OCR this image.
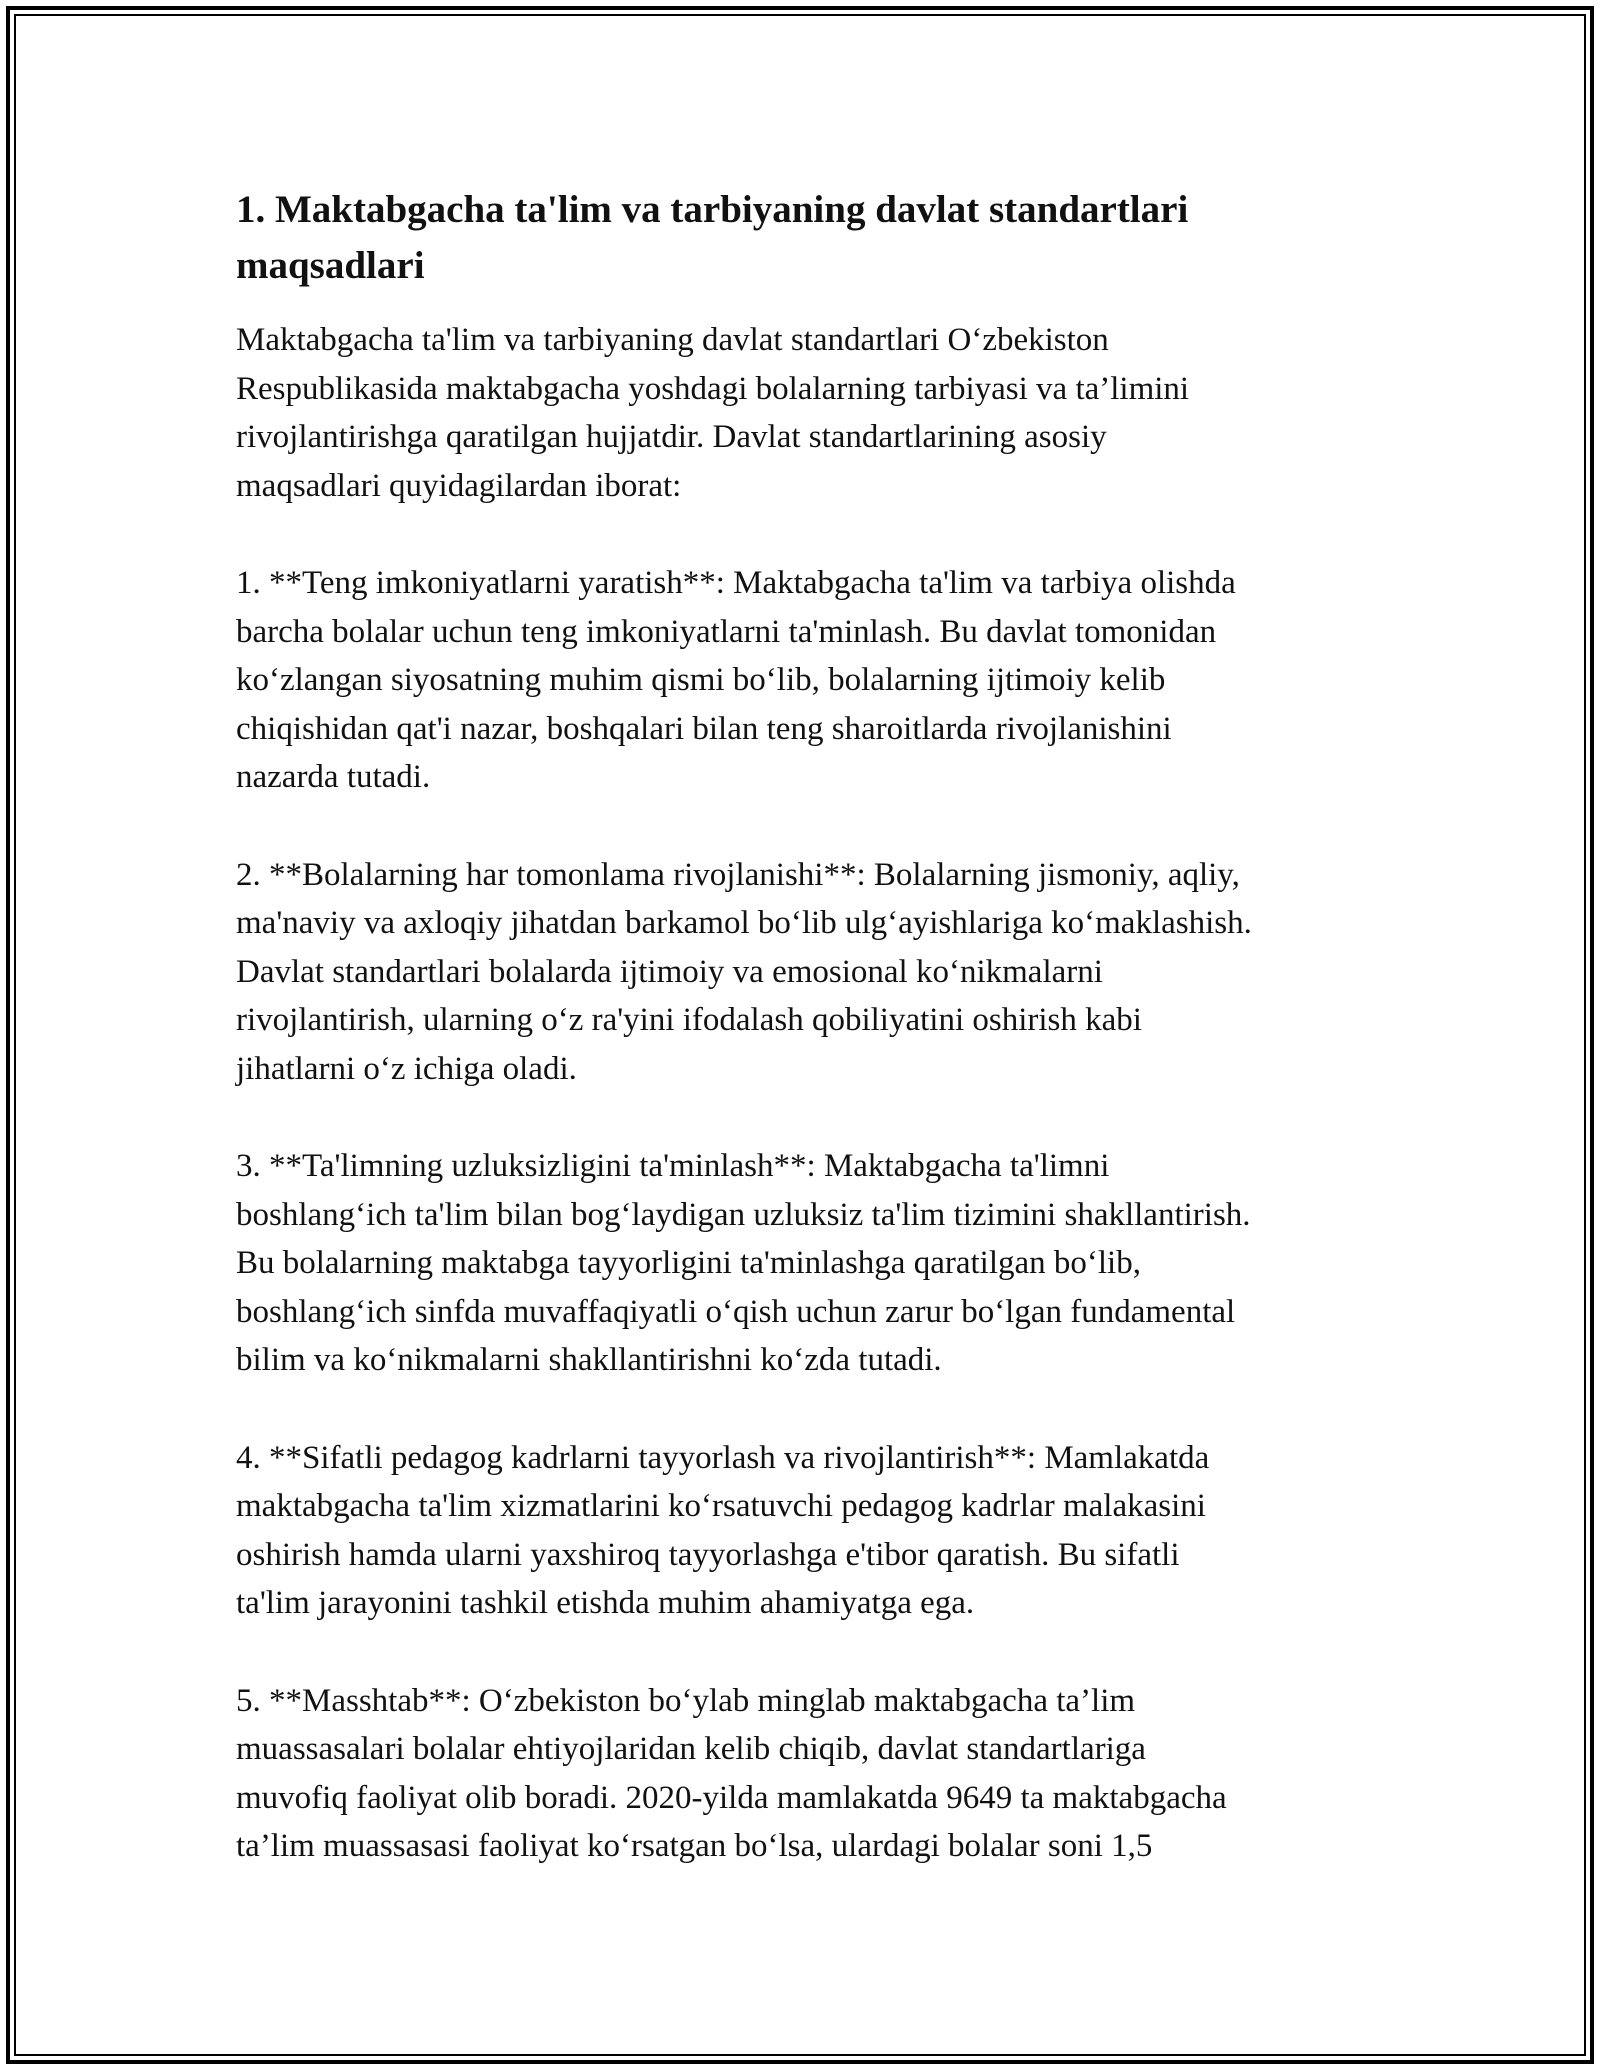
1. Maktabgacha ta'lim va tarbiyaning davlat standartlari
maqsadlari

Maktabgacha ta'lim va tarbiyaning davlat standartlari O‘zbekiston
Respublikasida maktabgacha yoshdagi bolalarning tarbiyasi va ta’limini
rivojlantirishga qaratilgan hujjatdir. Davlat standartlarining asosiy
maqsadlari quyidagilardan iborat:

1. **Teng imkoniyatlarni yaratish**: Maktabgacha ta'lim va tarbiya olishda
barcha bolalar uchun teng imkoniyatlarni ta'minlash. Bu davlat tomonidan
ko‘zlangan siyosatning muhim qismi bo‘lib, bolalarning ijtimoiy kelib
chiqishidan qat'i nazar, boshqalari bilan teng sharoitlarda rivojlanishini
nazarda tutadi.

2. **Bolalarning har tomonlama rivojlanishi**: Bolalarning jismoniy, aqliy,
ma'naviy va axloqiy jihatdan barkamol bo‘lib ulg‘ayishlariga ko‘maklashish.
Davlat standartlari bolalarda ijtimoiy va emosional ko‘nikmalarni
rivojlantirish, ularning o‘z ra'yini ifodalash qobiliyatini oshirish kabi
jihatlarni o‘z ichiga oladi.

3. **Ta'limning uzluksizligini ta'minlash**: Maktabgacha ta'limni
boshlang‘ich ta'lim bilan bog‘laydigan uzluksiz ta'lim tizimini shakllantirish.
Bu bolalarning maktabga tayyorligini ta'minlashga qaratilgan bo‘lib,
boshlang‘ich sinfda muvaffaqiyatli o‘qish uchun zarur bo‘lgan fundamental
bilim va ko‘nikmalarni shakllantirishni ko‘zda tutadi.

4. **Sifatli pedagog kadrlarni tayyorlash va rivojlantirish**: Mamlakatda
maktabgacha ta'lim xizmatlarini ko‘rsatuvchi pedagog kadrlar malakasini
oshirish hamda ularni yaxshiroq tayyorlashga e'tibor qaratish. Bu sifatli
ta'lim jarayonini tashkil etishda muhim ahamiyatga ega.

5. **Masshtab**: O‘zbekiston bo‘ylab minglab maktabgacha ta’lim
muassasalari bolalar ehtiyojlaridan kelib chiqib, davlat standartlariga
muvofiq faoliyat olib boradi. 2020-yilda mamlakatda 9649 ta maktabgacha
ta’lim muassasasi faoliyat ko‘rsatgan bo‘lsa, ulardagi bolalar soni 1,5
